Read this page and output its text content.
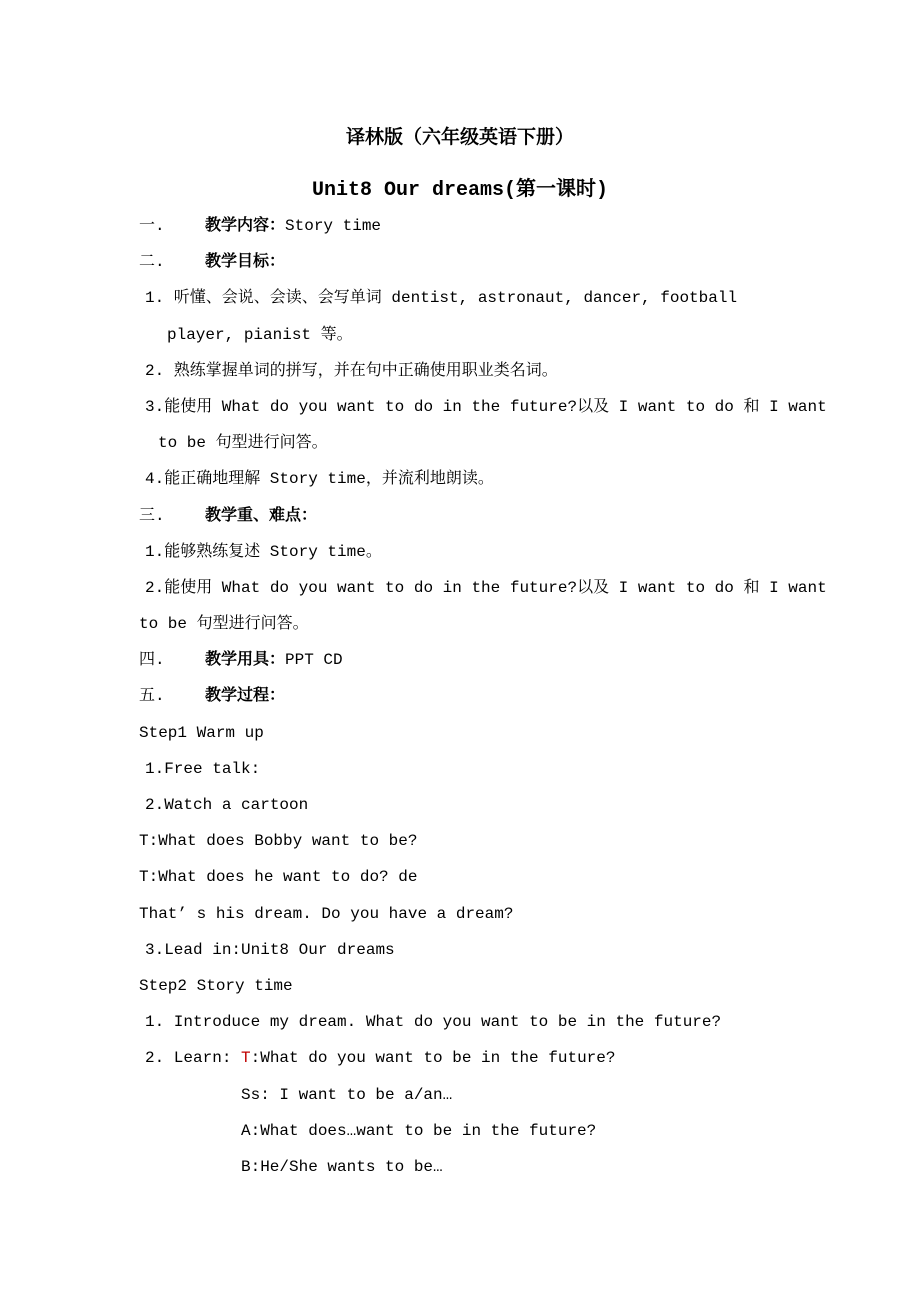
译林版（六年级英语下册）
Unit8 Our dreams(第一课时)
一.	教学内容：Story time
二.	教学目标：
1. 听懂、会说、会读、会写单词 dentist, astronaut, dancer, football
player, pianist 等。
2. 熟练掌握单词的拼写，并在句中正确使用职业类名词。
3.能使用 What do you want to do in the future?以及 I want to do 和 I want
to be 句型进行问答。
4.能正确地理解 Story time，并流利地朗读。
三.	教学重、难点：
1.能够熟练复述 Story time。
2.能使用 What do you want to do in the future?以及 I want to do 和 I want
to be 句型进行问答。
四.	教学用具：PPT CD
五.	教学过程：
Step1 Warm up
1.Free talk:
2.Watch a cartoon
T:What does Bobby want to be?
T:What does he want to do? de
That’ s his dream. Do you have a dream?
3.Lead in:Unit8 Our dreams
Step2 Story time
1. Introduce my dream. What do you want to be in the future?
2. Learn: T:What do you want to be in the future?
Ss: I want to be a/an…
A:What does…want to be in the future?
B:He/She wants to be…
